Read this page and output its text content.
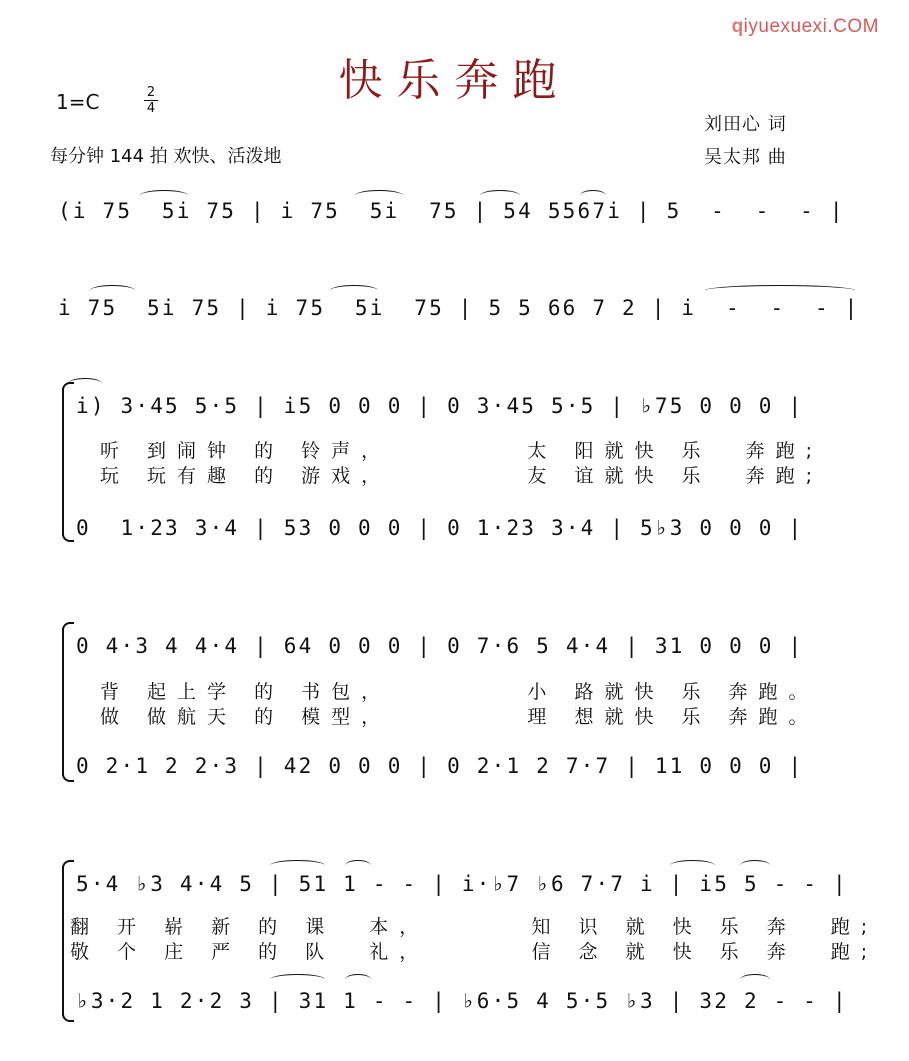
qiyuexuexi.COM
快乐奔跑
1=C	2
4
每分钟 144 拍 欢快、活泼地
刘田心 词
吴太邦 曲

(i 75  5i 75 | i 75  5i  75 | 54 5567i | 5  -  -  - |

i 75  5i 75 | i 75  5i  75 | 5 5 66 7 2 | i  -  -  - |

i) 3·45 5·5 | i5 0 0 0 | 0 3·45 5·5 | ♭75 0 0 0 |

听 到闹钟 的 铃声，        太 阳就快 乐  奔跑;
玩 玩有趣 的 游戏，        友 谊就快 乐  奔跑;

0  1·23 3·4 | 53 0 0 0 | 0 1·23 3·4 | 5♭3 0 0 0 |

0 4·3 4 4·4 | 64 0 0 0 | 0 7·6 5 4·4 | 31 0 0 0 |

背 起上学 的 书包，        小 路就快 乐 奔跑。
做 做航天 的 模型，        理 想就快 乐 奔跑。

0 2·1 2 2·3 | 42 0 0 0 | 0 2·1 2 7·7 | 11 0 0 0 |

5·4 ♭3 4·4 5 | 51 1 - - | i·♭7 ♭6 7·7 i | i5 5 - - |

翻 开 崭 新 的 课  本，      知 识 就 快 乐 奔  跑;
敬 个 庄 严 的 队  礼，      信 念 就 快 乐 奔  跑;

♭3·2 1 2·2 3 | 31 1 - - | ♭6·5 4 5·5 ♭3 | 32 2 - - |
